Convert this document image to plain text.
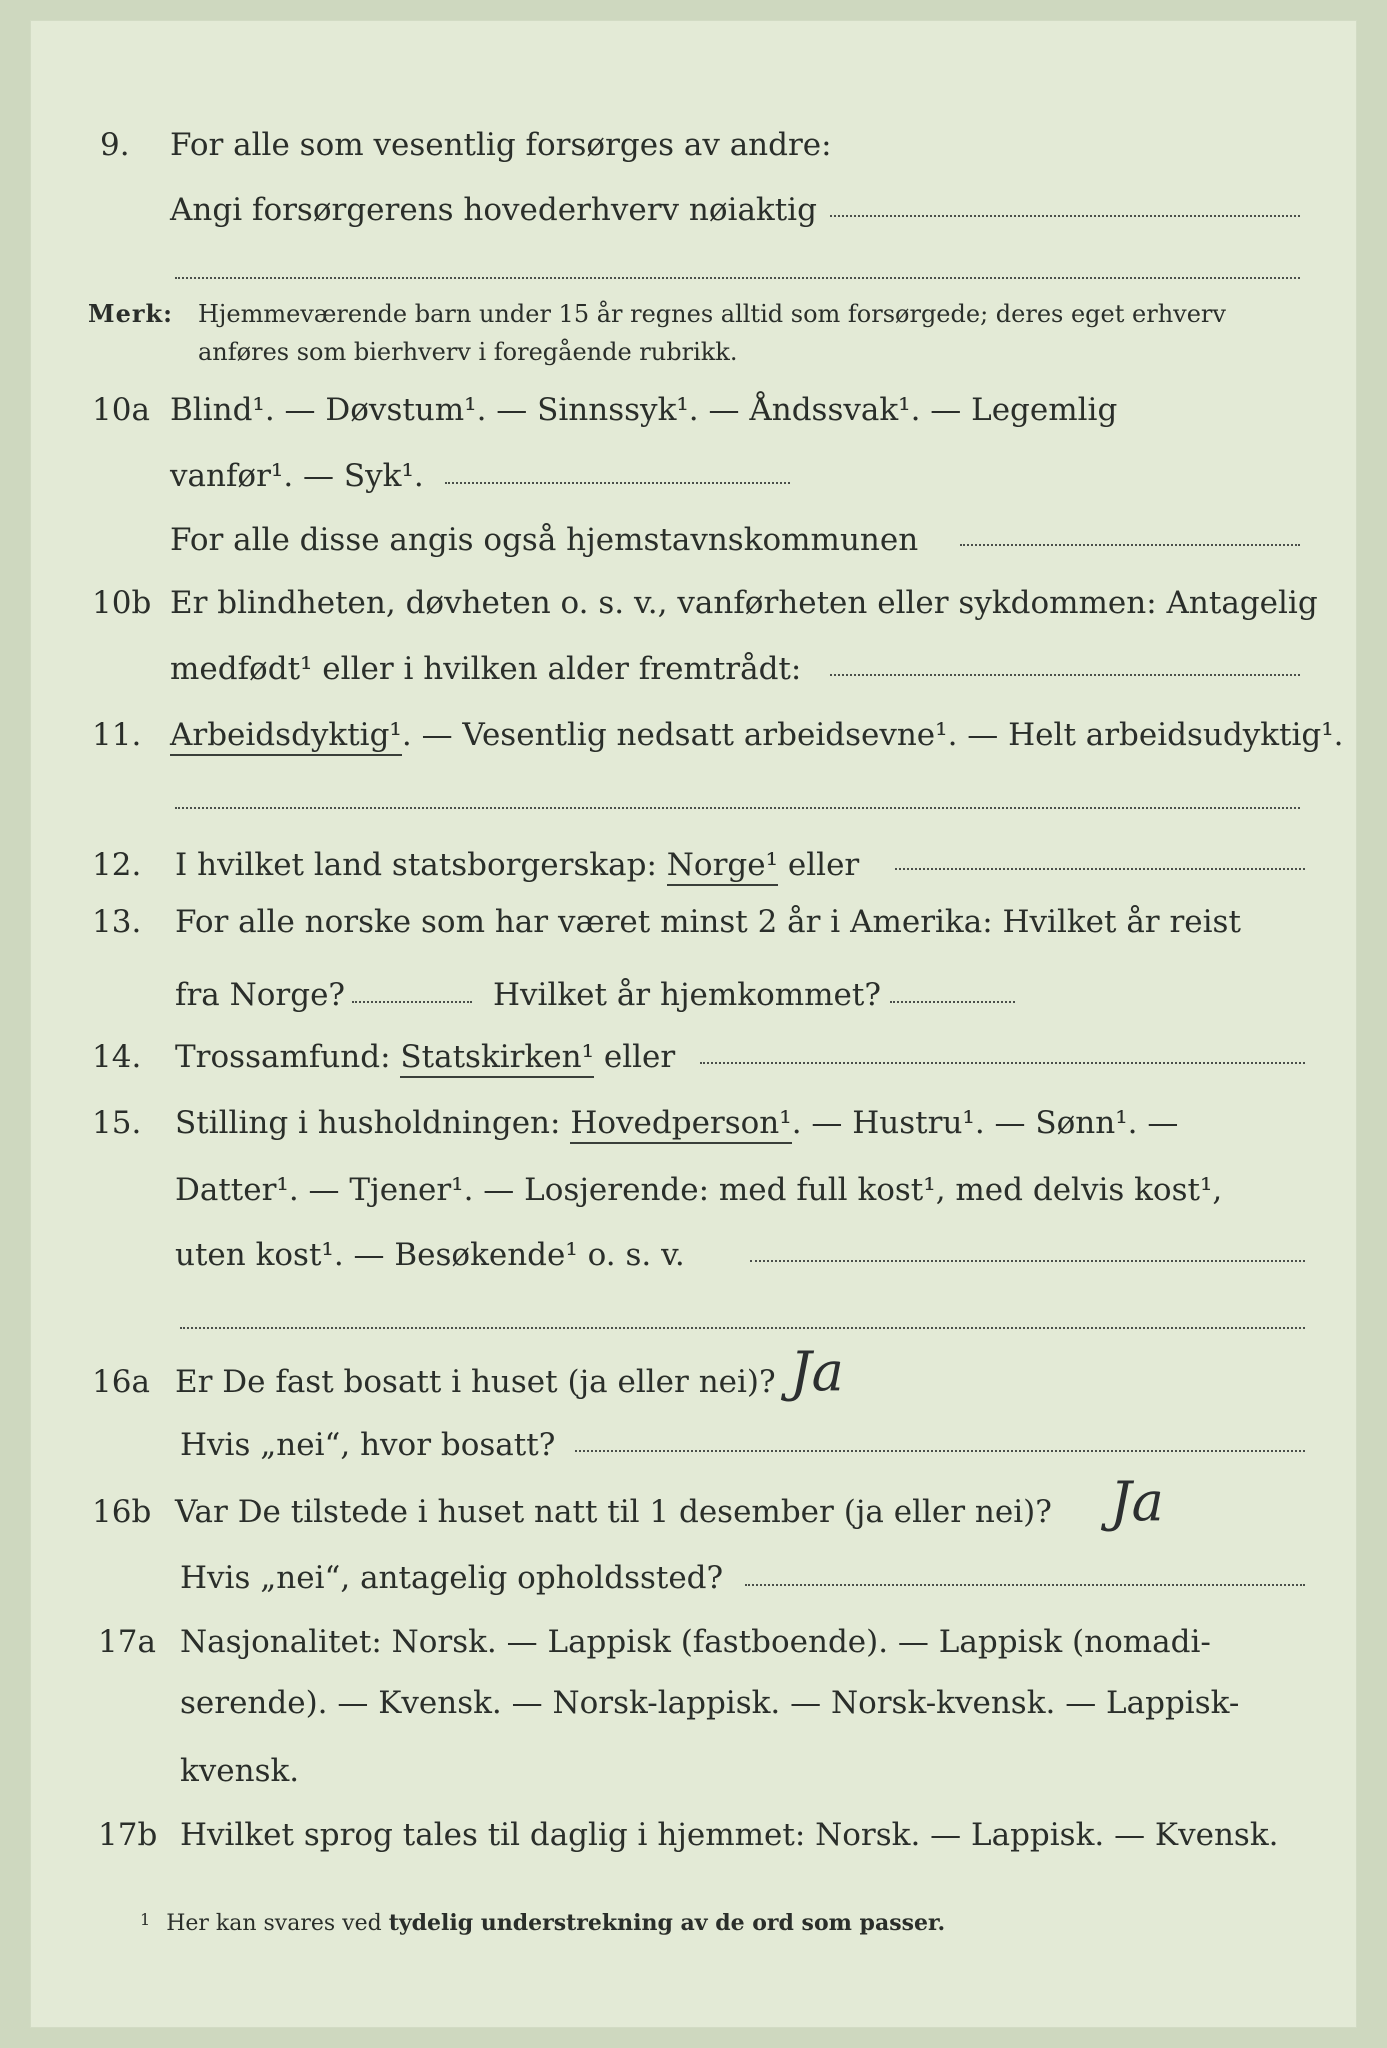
9. For alle som vesentlig forsørges av andre:
Angi forsørgerens hovederhverv nøiaktig
Merk: Hjemmeværende barn under 15 år regnes alltid som forsørgede; deres eget erhverv
anføres som bierhverv i foregående rubrikk.
10a Blind¹. — Døvstum¹. — Sinnssyk¹. — Åndssvak¹. — Legemlig
vanfør¹. — Syk¹.
For alle disse angis også hjemstavnskommunen
10b Er blindheten, døvheten o. s. v., vanførheten eller sykdommen: Antagelig
medfødt¹ eller i hvilken alder fremtrådt:
11. Arbeidsdyktig¹. — Vesentlig nedsatt arbeidsevne¹. — Helt arbeidsudyktig¹.
12. I hvilket land statsborgerskap: Norge¹ eller
13. For alle norske som har været minst 2 år i Amerika: Hvilket år reist
fra Norge?	Hvilket år hjemkommet?
14. Trossamfund: Statskirken¹ eller
15. Stilling i husholdningen: Hovedperson¹. — Hustru¹. — Sønn¹. —
Datter¹. — Tjener¹. — Losjerende: med full kost¹, med delvis kost¹,
uten kost¹. — Besøkende¹ o. s. v.
16a Er De fast bosatt i huset (ja eller nei)? Ja
Hvis „nei“, hvor bosatt?
16b Var De tilstede i huset natt til 1 desember (ja eller nei)? Ja
Hvis „nei“, antagelig opholdssted?
17a Nasjonalitet: Norsk. — Lappisk (fastboende). — Lappisk (nomadi-
serende). — Kvensk. — Norsk-lappisk. — Norsk-kvensk. — Lappisk-
kvensk.
17b Hvilket sprog tales til daglig i hjemmet: Norsk. — Lappisk. — Kvensk.
$^1$ Her kan svares ved tydelig understrekning av de ord som passer.
